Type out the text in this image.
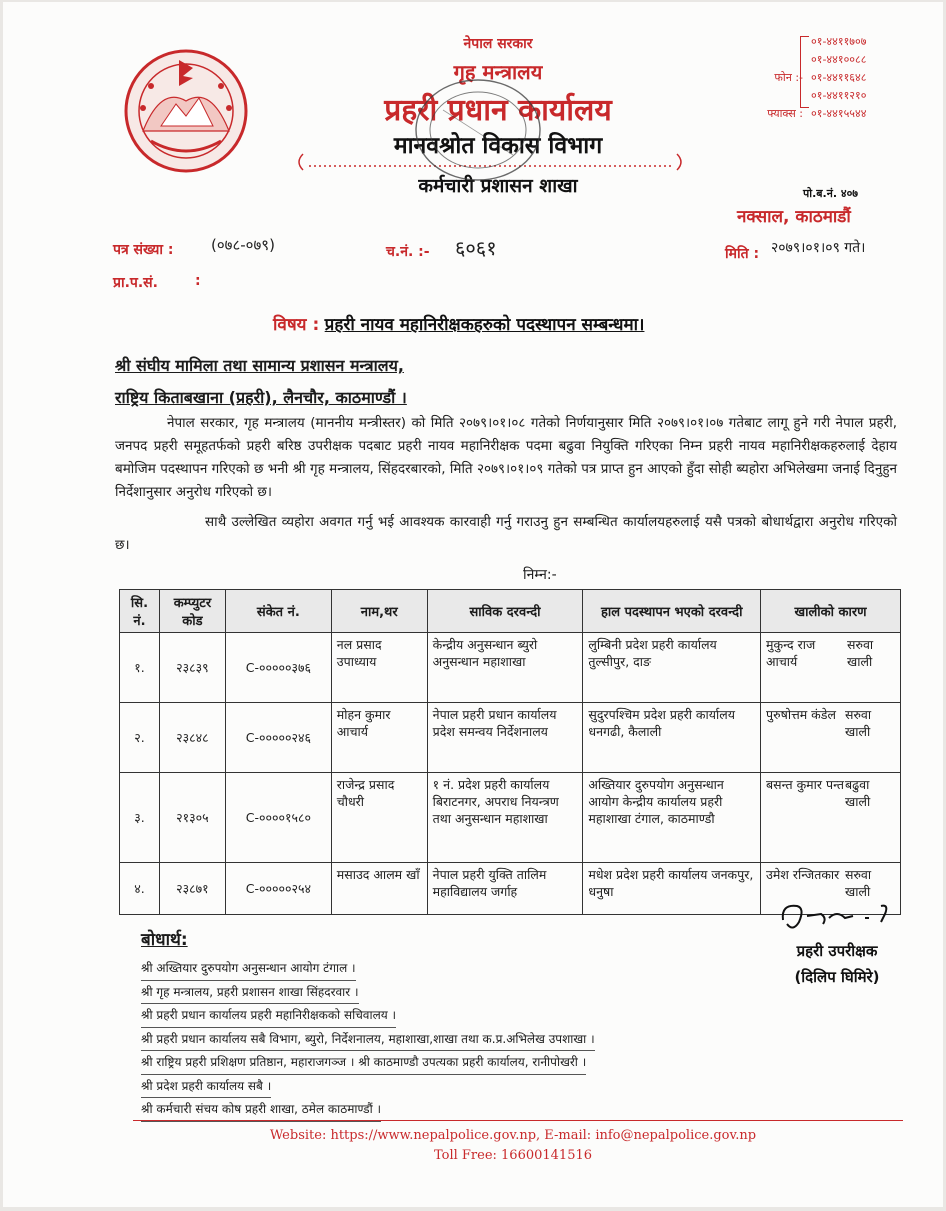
नेपाल सरकार
गृह मन्त्रालय
प्रहरी प्रधान कार्यालय
मानवश्रोत विकास विभाग
कर्मचारी प्रशासन शाखा
०१-४४११७०७
०१-४४१००८८
फोन :- ०१-४४११६४८
०१-४४११२१०
फ्याक्स : ०१-४४१५५४४
पो.ब.नं. ४०७
नक्साल, काठमाडौं
पत्र संख्या :	(०७८-०७९)	च.नं. :- ६०६१	मिति : २०७९।०१।०९ गते।
प्रा.प.सं.	:
विषय : प्रहरी नायव महानिरीक्षकहरुको पदस्थापन सम्बन्धमा।
श्री संघीय मामिला तथा सामान्य प्रशासन मन्त्रालय,
राष्ट्रिय किताबखाना (प्रहरी), लैनचौर, काठमाण्डौं ।
नेपाल सरकार, गृह मन्त्रालय (माननीय मन्त्रीस्तर) को मिति २०७९।०१।०८ गतेको निर्णयानुसार मिति २०७९।०१।०७ गतेबाट लागू हुने गरी नेपाल प्रहरी, जनपद प्रहरी समूहतर्फको प्रहरी बरिष्ठ उपरीक्षक पदबाट प्रहरी नायव महानिरीक्षक पदमा बढुवा नियुक्ति गरिएका निम्न प्रहरी नायव महानिरीक्षकहरुलाई देहाय बमोजिम पदस्थापन गरिएको छ भनी श्री गृह मन्त्रालय, सिंहदरबारको, मिति २०७९।०१।०९ गतेको पत्र प्राप्त हुन आएको हुँदा सोही ब्यहोरा अभिलेखमा जनाई दिनुहुन निर्देशानुसार अनुरोध गरिएको छ।
साथै उल्लेखित व्यहोरा अवगत गर्नु भई आवश्यक कारवाही गर्नु गराउनु हुन सम्बन्धित कार्यालयहरुलाई यसै पत्रको बोधार्थद्वारा अनुरोध गरिएको छ।
निम्न:-
सि. नं.	कम्प्युटर कोड	संकेत नं.	नाम,थर	साविक दरवन्दी	हाल पदस्थापन भएको दरवन्दी	खालीको कारण
१.	२३८३९	C-०००००३७६	नल प्रसाद उपाध्याय	केन्द्रीय अनुसन्धान ब्युरो अनुसन्धान महाशाखा	लुम्बिनी प्रदेश प्रहरी कार्यालय तुल्सीपुर, दाङ	मुकुन्द राज आचार्य
सरुवा खाली

२.	२३८४८	C-०००००२४६	मोहन कुमार आचार्य	नेपाल प्रहरी प्रधान कार्यालय प्रदेश समन्वय निर्देशनालय	सुदुरपश्चिम प्रदेश प्रहरी कार्यालय धनगढी, कैलाली	पुरुषोत्तम कंडेल सरुवा खाली

३.	२१३०५	C-००००१५८०	राजेन्द्र प्रसाद चौधरी	१ नं. प्रदेश प्रहरी कार्यालय बिराटनगर, अपराध नियन्त्रण तथा अनुसन्धान महाशाखा	अख्तियार दुरुपयोग अनुसन्धान आयोग केन्द्रीय कार्यालय प्रहरी महाशाखा टंगाल, काठमाण्डौ	बसन्त कुमार पन्त बढुवा खाली

४.	२३८७१	C-०००००२५४	मसाउद आलम खाँ	नेपाल प्रहरी युक्ति तालिम महाविद्यालय जर्गाह	मधेश प्रदेश प्रहरी कार्यालय जनकपुर, धनुषा	उमेश रन्जितकार सरुवा खाली
प्रहरी उपरीक्षक
(दिलिप घिमिरे)
बोधार्थ:
श्री अख्तियार दुरुपयोग अनुसन्धान आयोग टंगाल ।
श्री गृह मन्त्रालय, प्रहरी प्रशासन शाखा सिंहदरवार ।
श्री प्रहरी प्रधान कार्यालय प्रहरी महानिरीक्षकको सचिवालय ।
श्री प्रहरी प्रधान कार्यालय सबै विभाग, ब्युरो, निर्देशनालय, महाशाखा,शाखा तथा क.प्र.अभिलेख उपशाखा ।
श्री राष्ट्रिय प्रहरी प्रशिक्षण प्रतिष्ठान, महाराजगञ्ज । श्री काठमाण्डौ उपत्यका प्रहरी कार्यालय, रानीपोखरी ।
श्री प्रदेश प्रहरी कार्यालय सबै ।
श्री कर्मचारी संचय कोष प्रहरी शाखा, ठमेल काठमाण्डौं ।
Website: https://www.nepalpolice.gov.np, E-mail: info@nepalpolice.gov.np
Toll Free: 16600141516
